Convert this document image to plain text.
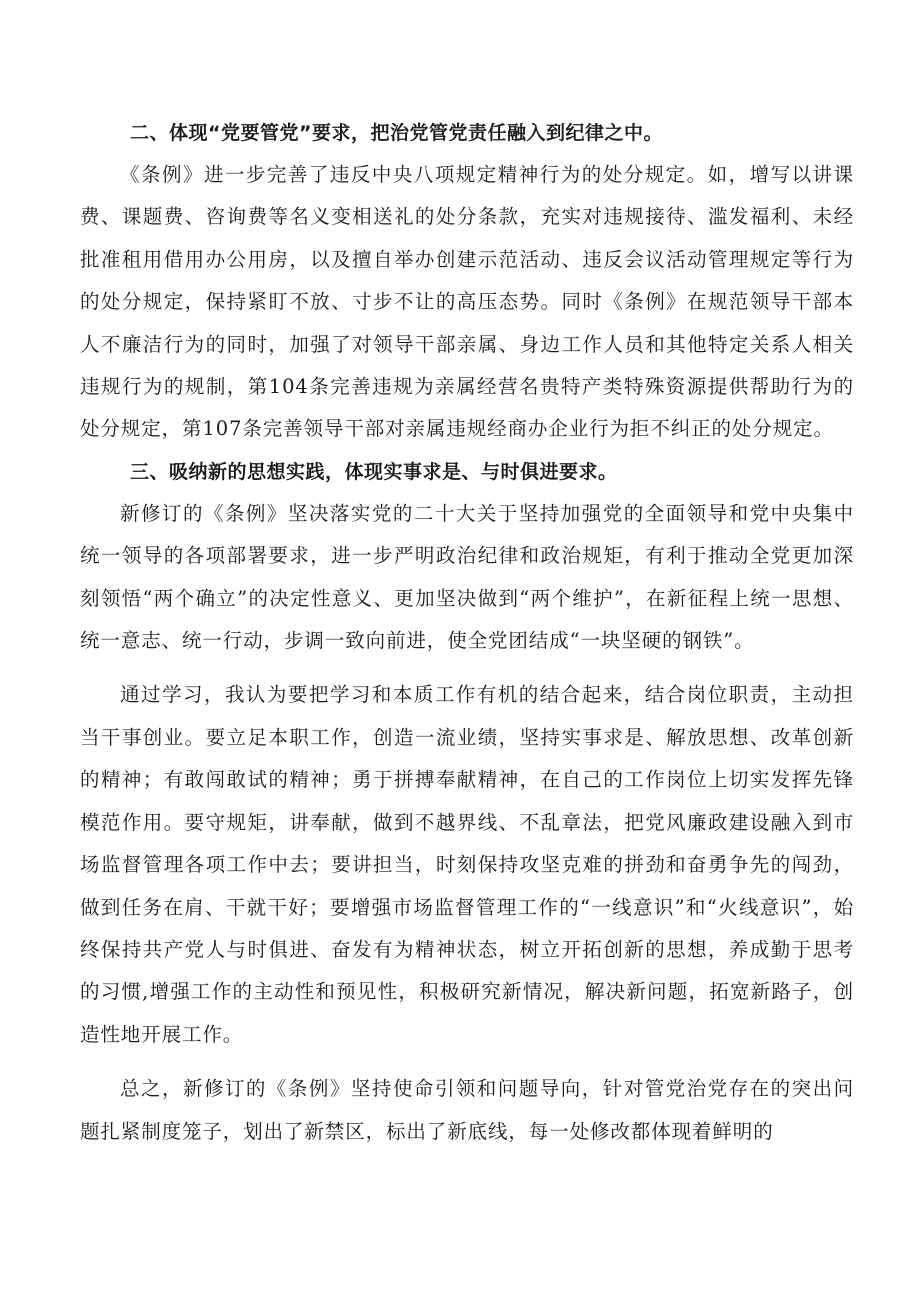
二、体现“党要管党”要求，把治党管党责任融入到纪律之中。

《条例》进一步完善了违反中央八项规定精神行为的处分规定。如，增写以讲课费、课题费、咨询费等名义变相送礼的处分条款，充实对违规接待、滥发福利、未经批准租用借用办公用房，以及擅自举办创建示范活动、违反会议活动管理规定等行为的处分规定，保持紧盯不放、寸步不让的高压态势。同时《条例》在规范领导干部本人不廉洁行为的同时，加强了对领导干部亲属、身边工作人员和其他特定关系人相关违规行为的规制，第104条完善违规为亲属经营名贵特产类特殊资源提供帮助行为的处分规定，第107条完善领导干部对亲属违规经商办企业行为拒不纠正的处分规定。

三、吸纳新的思想实践，体现实事求是、与时俱进要求。

新修订的《条例》坚决落实党的二十大关于坚持加强党的全面领导和党中央集中统一领导的各项部署要求，进一步严明政治纪律和政治规矩，有利于推动全党更加深刻领悟“两个确立”的决定性意义、更加坚决做到“两个维护”，在新征程上统一思想、统一意志、统一行动，步调一致向前进，使全党团结成“一块坚硬的钢铁”。

通过学习，我认为要把学习和本质工作有机的结合起来，结合岗位职责，主动担当干事创业。要立足本职工作，创造一流业绩，坚持实事求是、解放思想、改革创新的精神；有敢闯敢试的精神；勇于拼搏奉献精神，在自己的工作岗位上切实发挥先锋模范作用。要守规矩，讲奉献，做到不越界线、不乱章法，把党风廉政建设融入到市场监督管理各项工作中去；要讲担当，时刻保持攻坚克难的拼劲和奋勇争先的闯劲，做到任务在肩、干就干好；要增强市场监督管理工作的“一线意识”和“火线意识”，始终保持共产党人与时俱进、奋发有为精神状态，树立开拓创新的思想，养成勤于思考的习惯,增强工作的主动性和预见性，积极研究新情况，解决新问题，拓宽新路子，创造性地开展工作。

总之，新修订的《条例》坚持使命引领和问题导向，针对管党治党存在的突出问题扎紧制度笼子，划出了新禁区，标出了新底线，每一处修改都体现着鲜明的
